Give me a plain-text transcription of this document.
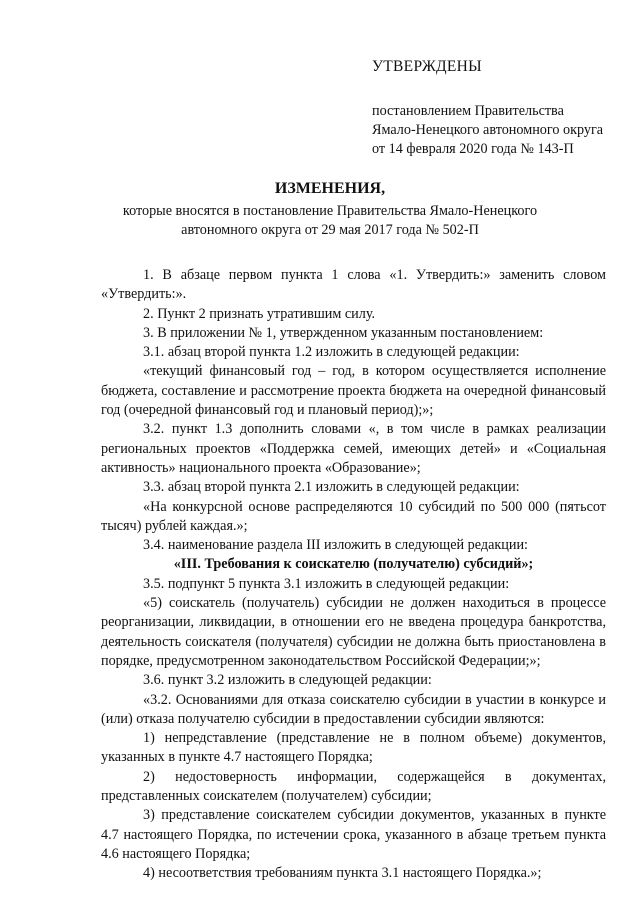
УТВЕРЖДЕНЫ
постановлением Правительства
Ямало-Ненецкого автономного округа
от 14 февраля 2020 года № 143-П
ИЗМЕНЕНИЯ,
которые вносятся в постановление Правительства Ямало-Ненецкого
автономного округа от 29 мая 2017 года № 502-П

1. В абзаце первом пункта 1 слова «1. Утвердить:» заменить словом «Утвердить:».

2. Пункт 2 признать утратившим силу.

3. В приложении № 1, утвержденном указанным постановлением:

3.1. абзац второй пункта 1.2 изложить в следующей редакции:

«текущий финансовый год – год, в котором осуществляется исполнение бюджета, составление и рассмотрение проекта бюджета на очередной финансовый год (очередной финансовый год и плановый период);»;

3.2. пункт 1.3 дополнить словами «, в том числе в рамках реализации региональных проектов «Поддержка семей, имеющих детей» и «Социальная активность» национального проекта «Образование»;

3.3. абзац второй пункта 2.1 изложить в следующей редакции:

«На конкурсной основе распределяются 10 субсидий по 500 000 (пятьсот тысяч) рублей каждая.»;

3.4. наименование раздела III изложить в следующей редакции:

«III. Требования к соискателю (получателю) субсидий»;

3.5. подпункт 5 пункта 3.1 изложить в следующей редакции:

«5) соискатель (получатель) субсидии не должен находиться в процессе реорганизации, ликвидации, в отношении его не введена процедура банкротства, деятельность соискателя (получателя) субсидии не должна быть приостановлена в порядке, предусмотренном законодательством Российской Федерации;»;

3.6. пункт 3.2 изложить в следующей редакции:

«3.2. Основаниями для отказа соискателю субсидии в участии в конкурсе и (или) отказа получателю субсидии в предоставлении субсидии являются:

1) непредставление (представление не в полном объеме) документов, указанных в пункте 4.7 настоящего Порядка;

2) недостоверность информации, содержащейся в документах, представленных соискателем (получателем) субсидии;

3) представление соискателем субсидии документов, указанных в пункте 4.7 настоящего Порядка, по истечении срока, указанного в абзаце третьем пункта 4.6 настоящего Порядка;

4) несоответствия требованиям пункта 3.1 настоящего Порядка.»;
